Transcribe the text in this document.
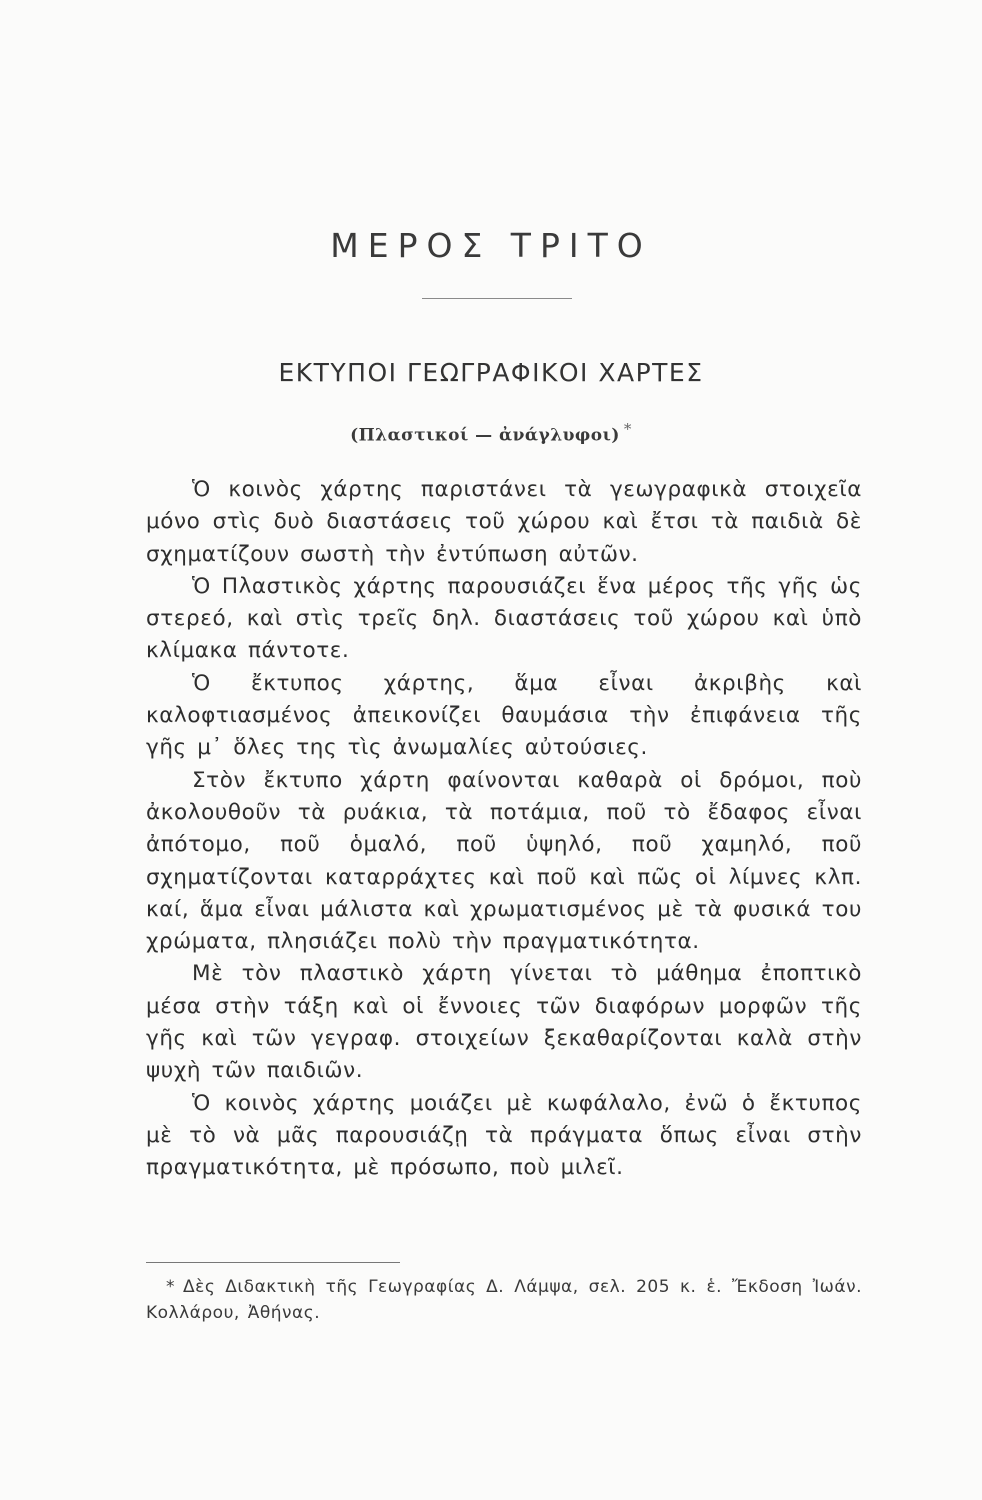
ΜΕΡΟΣ ΤΡΙΤΟ
ΕΚΤΥΠΟΙ ΓΕΩΓΡΑΦΙΚΟΙ ΧΑΡΤΕΣ
(Πλαστικοί — ἀνάγλυφοι) *

Ὁ κοινὸς χάρτης παριστάνει τὰ γεωγραφικὰ στοιχεῖα μόνο στὶς δυὸ διαστάσεις τοῦ χώρου καὶ ἔτσι τὰ παιδιὰ δὲ σχηματίζουν σωστὴ τὴν ἐντύπωση αὐτῶν.

Ὁ Πλαστικὸς χάρτης παρουσιάζει ἕνα μέρος τῆς γῆς ὡς στερεό, καὶ στὶς τρεῖς δηλ. διαστάσεις τοῦ χώρου καὶ ὑπὸ κλίμακα πάντοτε.

Ὁ ἔκτυπος χάρτης, ἅμα εἶναι ἀκριβὴς καὶ καλοφτιασμένος ἀπεικονίζει θαυμάσια τὴν ἐπιφάνεια τῆς γῆς μ᾽ ὅλες της τὶς ἀνωμαλίες αὐτούσιες.

Στὸν ἔκτυπο χάρτη φαίνονται καθαρὰ οἱ δρόμοι, ποὺ ἀκολουθοῦν τὰ ρυάκια, τὰ ποτάμια, ποῦ τὸ ἔδαφος εἶναι ἀπότομο, ποῦ ὁμαλό, ποῦ ὑψηλό, ποῦ χαμηλό, ποῦ σχηματίζονται καταρράχτες καὶ ποῦ καὶ πῶς οἱ λίμνες κλπ. καί, ἅμα εἶναι μάλιστα καὶ χρωματισμένος μὲ τὰ φυσικά του χρώματα, πλησιάζει πολὺ τὴν πραγματικότητα.

Μὲ τὸν πλαστικὸ χάρτη γίνεται τὸ μάθημα ἐποπτικὸ μέσα στὴν τάξη καὶ οἱ ἔννοιες τῶν διαφόρων μορφῶν τῆς γῆς καὶ τῶν γεγραφ. στοιχείων ξεκαθαρίζονται καλὰ στὴν ψυχὴ τῶν παιδιῶν.

Ὁ κοινὸς χάρτης μοιάζει μὲ κωφάλαλο, ἐνῶ ὁ ἔκτυπος μὲ τὸ νὰ μᾶς παρουσιάζῃ τὰ πράγματα ὅπως εἶναι στὴν πραγματικότητα, μὲ πρόσωπο, ποὺ μιλεῖ.

* Δὲς Διδακτικὴ τῆς Γεωγραφίας Δ. Λάμψα, σελ. 205 κ. ἑ. Ἔκδοση Ἰωάν. Κολλάρου, Ἀθήνας.
